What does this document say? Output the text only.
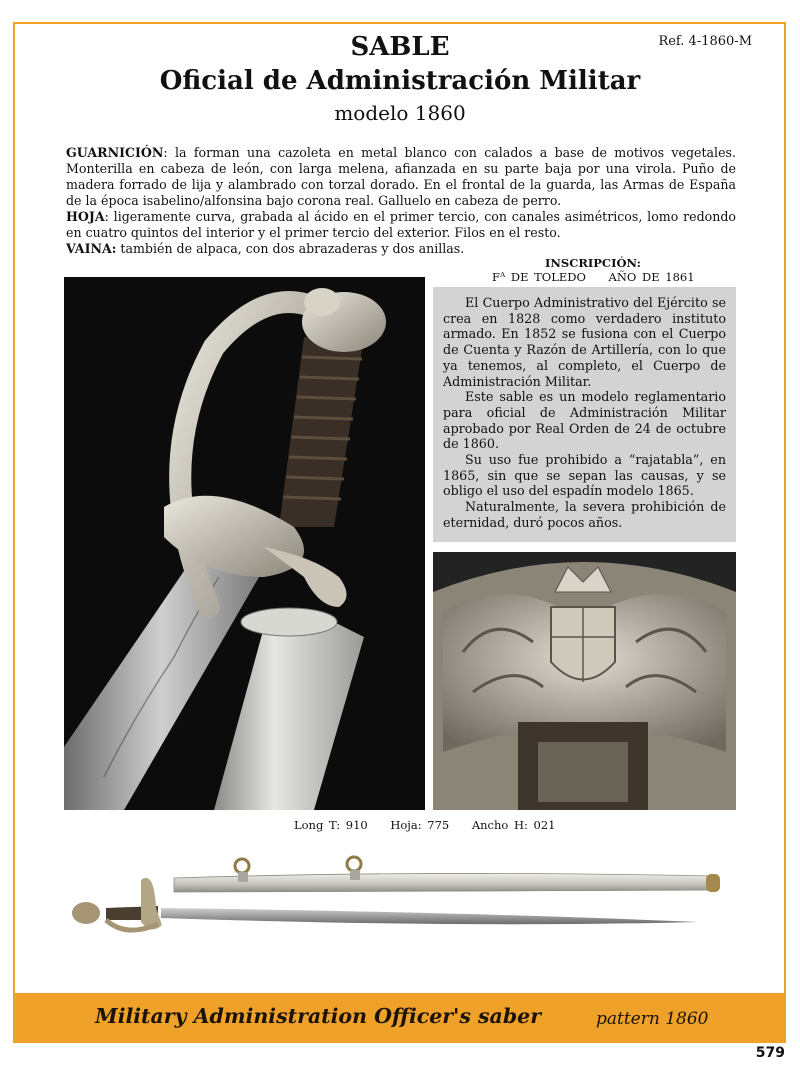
Ref. 4-1860-M
SABLE
Oficial de Administración Militar
modelo 1860
GUARNICIÓN: la forman una cazoleta en metal blanco con calados a base de motivos vegetales. Monterilla en cabeza de león, con larga melena, afianzada en su parte baja por una virola. Puño de madera forrado de lija y alambrado con torzal dorado. En el frontal de la guarda, las Armas de España de la época isabelino/alfonsina bajo corona real. Galluelo en cabeza de perro.
HOJA: ligeramente curva, grabada al ácido en el primer tercio, con canales asimétricos, lomo redondo en cuatro quintos del interior y el primer tercio del exterior. Filos en el resto.
VAINA: también de alpaca, con dos abrazaderas y dos anillas.
INSCRIPCIÓN:
Fᴬ DE TOLEDO    AÑO DE 1861

El Cuerpo Administrativo del Ejército se crea en 1828 como verdadero instituto armado. En 1852 se fusiona con el Cuerpo de Cuenta y Razón de Artillería, con lo que ya tenemos, al completo, el Cuerpo de Administración Militar.

Este sable es un modelo reglamentario para oficial de Administración Militar aprobado por Real Orden de 24 de octubre de 1860.

Su uso fue prohibido a “rajatabla”, en 1865, sin que se sepan las causas, y se obligo el uso del espadín modelo 1865.

Naturalmente, la severa prohibición de eternidad, duró pocos años.

Long T: 910    Hoja: 775    Ancho H: 021
Military Administration Officer's saber	pattern 1860
579
